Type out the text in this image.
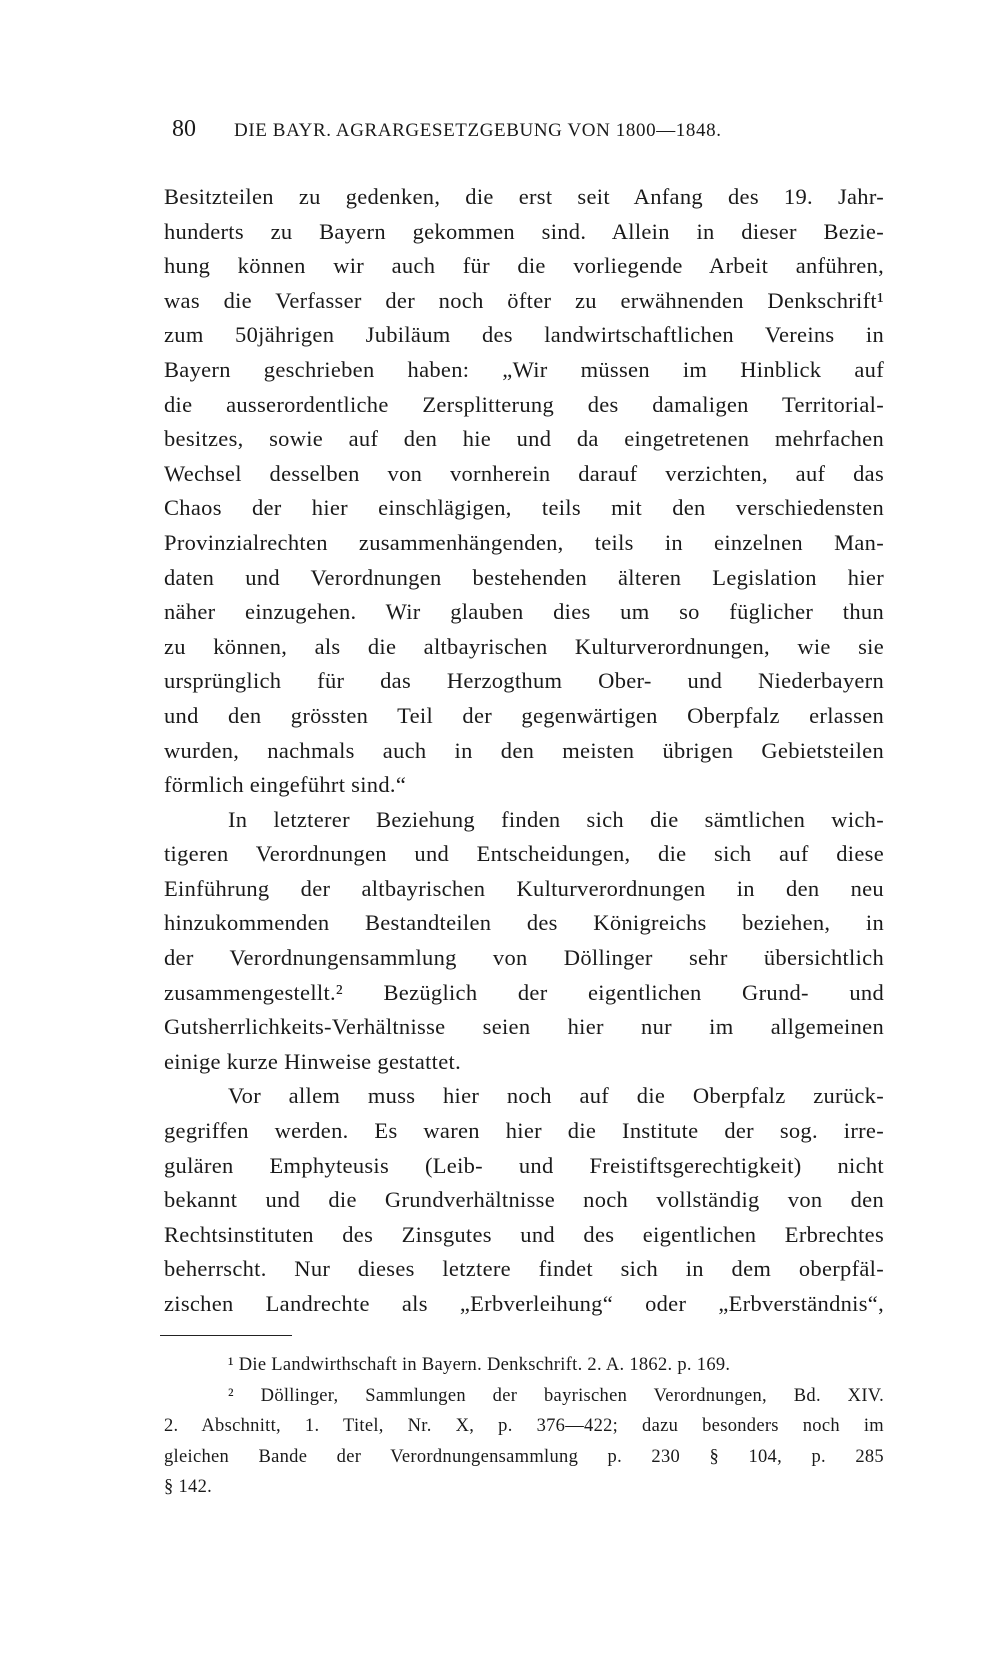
80	DIE BAYR. AGRARGESETZGEBUNG VON 1800—1848.
Besitzteilen zu gedenken, die erst seit Anfang des 19. Jahr-
hunderts zu Bayern gekommen sind. Allein in dieser Bezie-
hung können wir auch für die vorliegende Arbeit anführen,
was die Verfasser der noch öfter zu erwähnenden Denkschrift¹
zum 50jährigen Jubiläum des landwirtschaftlichen Vereins in
Bayern geschrieben haben: „Wir müssen im Hinblick auf
die ausserordentliche Zersplitterung des damaligen Territorial-
besitzes, sowie auf den hie und da eingetretenen mehrfachen
Wechsel desselben von vornherein darauf verzichten, auf das
Chaos der hier einschlägigen, teils mit den verschiedensten
Provinzialrechten zusammenhängenden, teils in einzelnen Man-
daten und Verordnungen bestehenden älteren Legislation hier
näher einzugehen. Wir glauben dies um so füglicher thun
zu können, als die altbayrischen Kulturverordnungen, wie sie
ursprünglich für das Herzogthum Ober- und Niederbayern
und den grössten Teil der gegenwärtigen Oberpfalz erlassen
wurden, nachmals auch in den meisten übrigen Gebietsteilen
förmlich eingeführt sind.“
In letzterer Beziehung finden sich die sämtlichen wich-
tigeren Verordnungen und Entscheidungen, die sich auf diese
Einführung der altbayrischen Kulturverordnungen in den neu
hinzukommenden Bestandteilen des Königreichs beziehen, in
der Verordnungensammlung von Döllinger sehr übersichtlich
zusammengestellt.² Bezüglich der eigentlichen Grund- und
Gutsherrlichkeits-Verhältnisse seien hier nur im allgemeinen
einige kurze Hinweise gestattet.
Vor allem muss hier noch auf die Oberpfalz zurück-
gegriffen werden. Es waren hier die Institute der sog. irre-
gulären Emphyteusis (Leib- und Freistiftsgerechtigkeit) nicht
bekannt und die Grundverhältnisse noch vollständig von den
Rechtsinstituten des Zinsgutes und des eigentlichen Erbrechtes
beherrscht. Nur dieses letztere findet sich in dem oberpfäl-
zischen Landrechte als „Erbverleihung“ oder „Erbverständnis“,
¹ Die Landwirthschaft in Bayern. Denkschrift. 2. A. 1862. p. 169.
² Döllinger, Sammlungen der bayrischen Verordnungen, Bd. XIV.
2. Abschnitt, 1. Titel, Nr. X, p. 376—422; dazu besonders noch im
gleichen Bande der Verordnungensammlung p. 230 § 104, p. 285
§ 142.
